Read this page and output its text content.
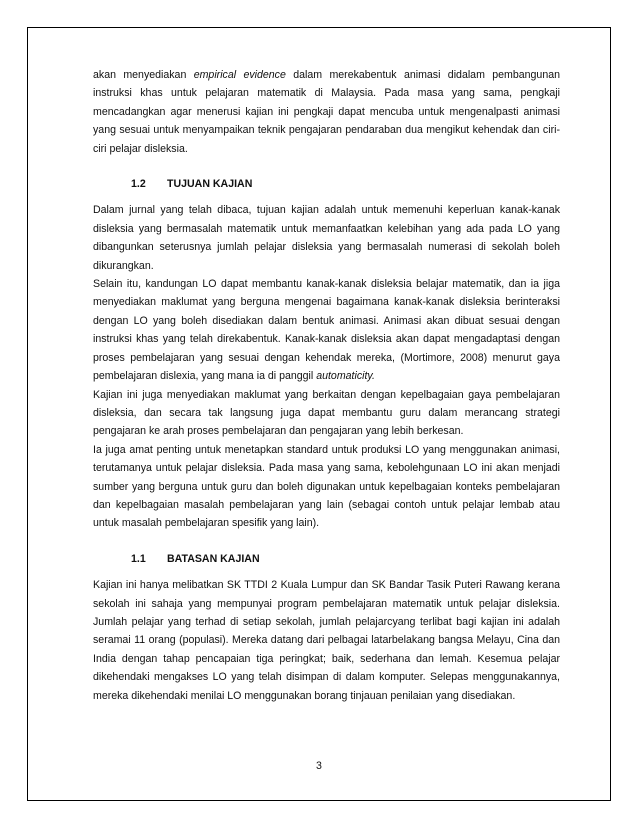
akan menyediakan empirical evidence dalam merekabentuk animasi didalam pembangunan instruksi khas untuk pelajaran matematik di Malaysia. Pada masa yang sama, pengkaji mencadangkan agar menerusi kajian ini pengkaji dapat mencuba untuk mengenalpasti animasi yang sesuai untuk menyampaikan teknik pengajaran pendaraban dua mengikut kehendak dan ciri-ciri pelajar disleksia.

1.2	TUJUAN KAJIAN

Dalam jurnal yang telah dibaca, tujuan kajian adalah untuk memenuhi keperluan kanak-kanak disleksia yang bermasalah matematik untuk memanfaatkan kelebihan yang ada pada LO yang dibangunkan seterusnya jumlah pelajar disleksia yang bermasalah numerasi di sekolah boleh dikurangkan.

Selain itu, kandungan LO dapat membantu kanak-kanak disleksia belajar matematik, dan ia jiga menyediakan maklumat yang berguna mengenai bagaimana kanak-kanak disleksia berinteraksi dengan LO yang boleh disediakan dalam bentuk animasi. Animasi akan dibuat sesuai dengan instruksi khas yang telah direkabentuk. Kanak-kanak disleksia akan dapat mengadaptasi dengan proses pembelajaran yang sesuai dengan kehendak mereka, (Mortimore, 2008) menurut gaya pembelajaran dislexia, yang mana ia di panggil automaticity.

Kajian ini juga menyediakan maklumat yang berkaitan dengan kepelbagaian gaya pembelajaran disleksia, dan secara tak langsung juga dapat membantu guru dalam merancang strategi pengajaran ke arah proses pembelajaran dan pengajaran yang lebih berkesan.

Ia juga amat penting untuk menetapkan standard untuk produksi LO yang menggunakan animasi, terutamanya untuk pelajar disleksia. Pada masa yang sama, kebolehgunaan LO ini akan menjadi sumber yang berguna untuk guru dan boleh digunakan untuk kepelbagaian konteks pembelajaran dan kepelbagaian masalah pembelajaran yang lain (sebagai contoh untuk pelajar lembab atau untuk masalah pembelajaran spesifik yang lain).

1.1	BATASAN KAJIAN

Kajian ini hanya melibatkan SK TTDI 2 Kuala Lumpur dan SK Bandar Tasik Puteri Rawang kerana sekolah ini sahaja yang mempunyai program pembelajaran matematik untuk pelajar disleksia. Jumlah pelajar yang terhad di setiap sekolah, jumlah pelajarcyang terlibat bagi kajian ini adalah seramai 11 orang (populasi). Mereka datang dari pelbagai latarbelakang bangsa Melayu, Cina dan India dengan tahap pencapaian tiga peringkat; baik, sederhana dan lemah. Kesemua pelajar dikehendaki mengakses LO yang telah disimpan di dalam komputer. Selepas menggunakannya, mereka dikehendaki menilai LO menggunakan borang tinjauan penilaian yang disediakan.

3
